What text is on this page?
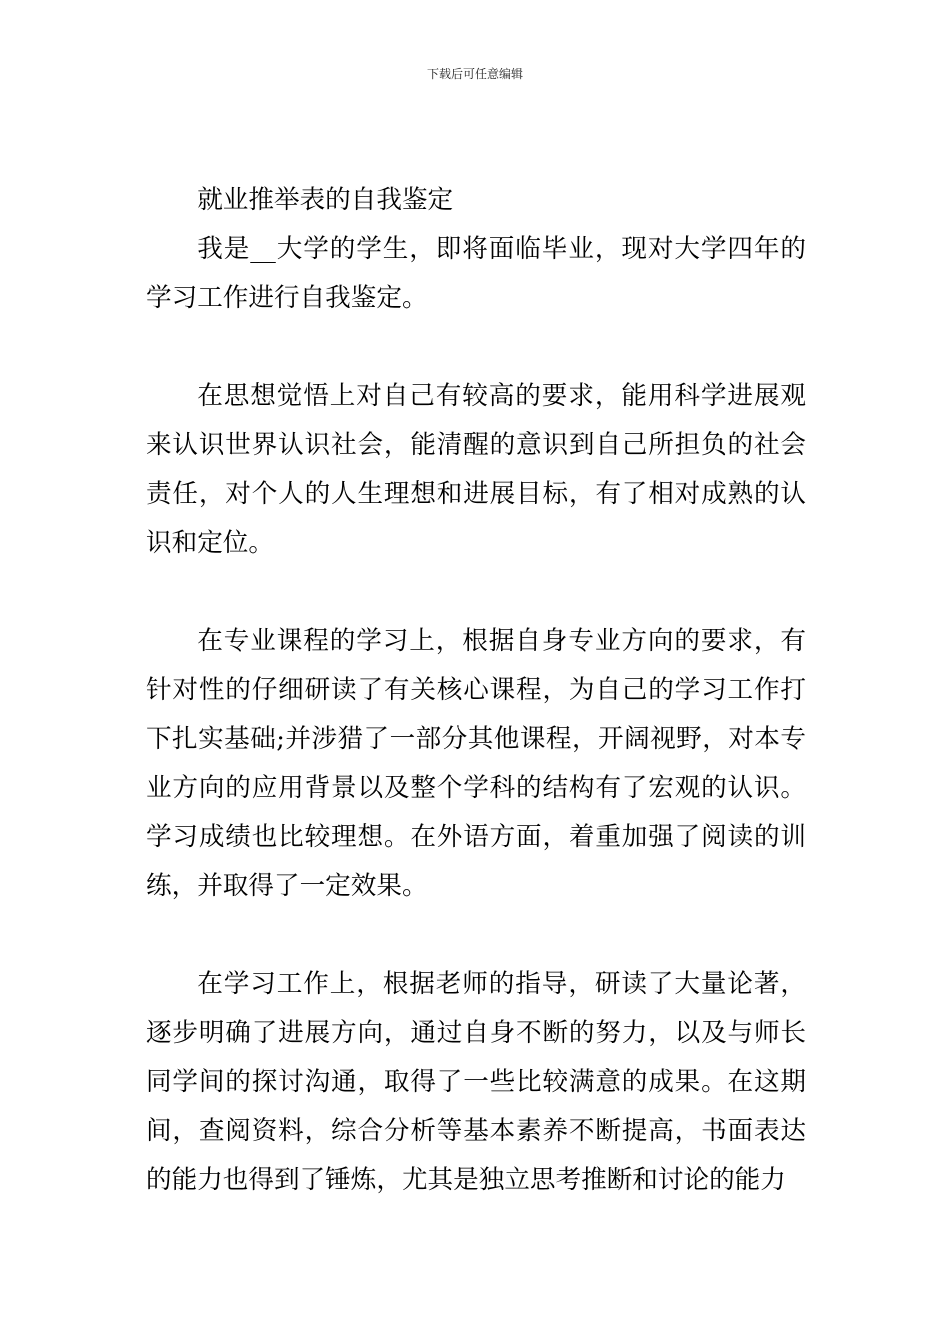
下载后可任意编辑

就业推举表的自我鉴定

我是__大学的学生，即将面临毕业，现对大学四年的学习工作进行自我鉴定。

在思想觉悟上对自己有较高的要求，能用科学进展观来认识世界认识社会，能清醒的意识到自己所担负的社会责任，对个人的人生理想和进展目标，有了相对成熟的认识和定位。

在专业课程的学习上，根据自身专业方向的要求，有针对性的仔细研读了有关核心课程，为自己的学习工作打下扎实基础;并涉猎了一部分其他课程，开阔视野，对本专业方向的应用背景以及整个学科的结构有了宏观的认识。学习成绩也比较理想。在外语方面，着重加强了阅读的训练，并取得了一定效果。

在学习工作上，根据老师的指导，研读了大量论著，逐步明确了进展方向，通过自身不断的努力，以及与师长同学间的探讨沟通，取得了一些比较满意的成果。在这期间，查阅资料，综合分析等基本素养不断提高，书面表达的能力也得到了锤炼，尤其是独立思考推断和讨论的能力
